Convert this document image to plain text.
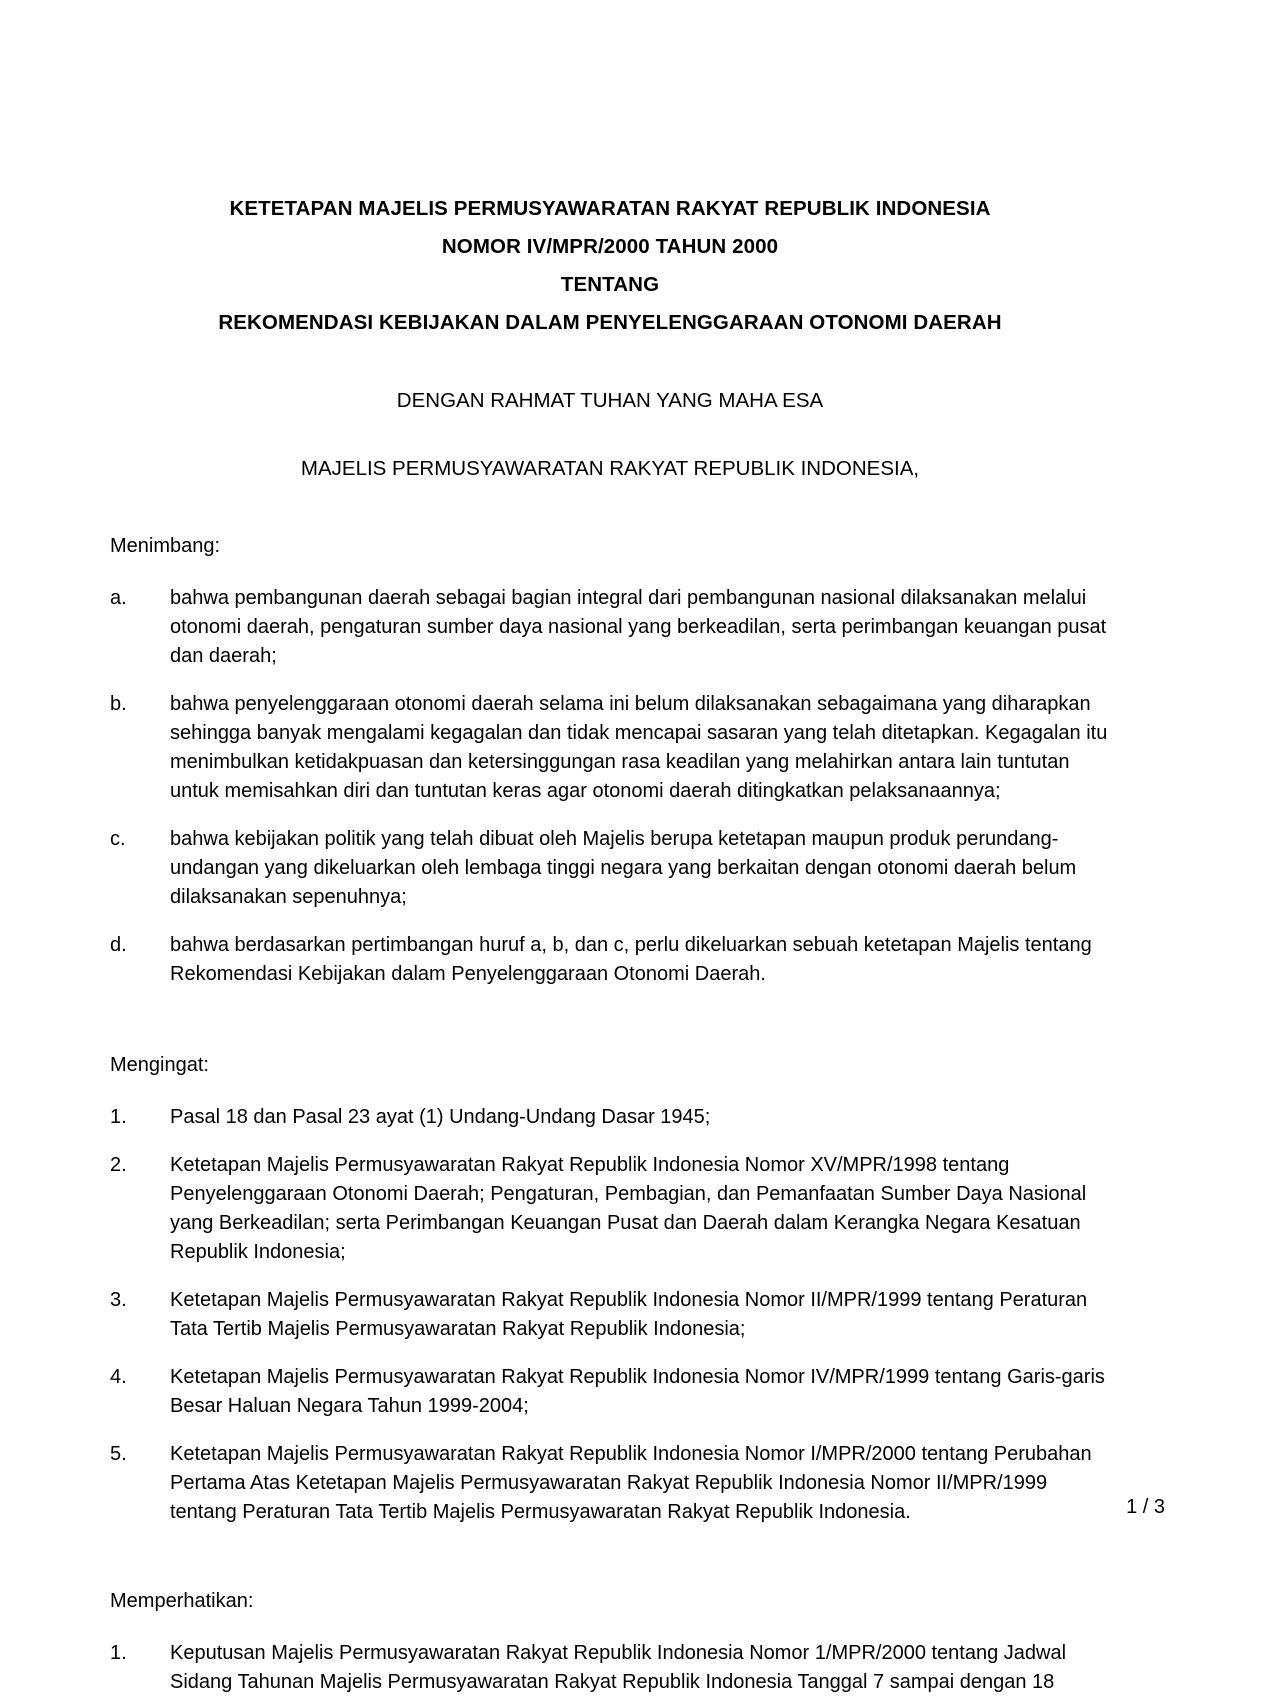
KETETAPAN MAJELIS PERMUSYAWARATAN RAKYAT REPUBLIK INDONESIA
NOMOR IV/MPR/2000 TAHUN 2000
TENTANG
REKOMENDASI KEBIJAKAN DALAM PENYELENGGARAAN OTONOMI DAERAH
DENGAN RAHMAT TUHAN YANG MAHA ESA
MAJELIS PERMUSYAWARATAN RAKYAT REPUBLIK INDONESIA,
Menimbang:
a.	bahwa pembangunan daerah sebagai bagian integral dari pembangunan nasional dilaksanakan melalui otonomi daerah, pengaturan sumber daya nasional yang berkeadilan, serta perimbangan keuangan pusat dan daerah;
b.	bahwa penyelenggaraan otonomi daerah selama ini belum dilaksanakan sebagaimana yang diharapkan sehingga banyak mengalami kegagalan dan tidak mencapai sasaran yang telah ditetapkan. Kegagalan itu menimbulkan ketidakpuasan dan ketersinggungan rasa keadilan yang melahirkan antara lain tuntutan untuk memisahkan diri dan tuntutan keras agar otonomi daerah ditingkatkan pelaksanaannya;
c.	bahwa kebijakan politik yang telah dibuat oleh Majelis berupa ketetapan maupun produk perundang-undangan yang dikeluarkan oleh lembaga tinggi negara yang berkaitan dengan otonomi daerah belum dilaksanakan sepenuhnya;
d.	bahwa berdasarkan pertimbangan huruf a, b, dan c, perlu dikeluarkan sebuah ketetapan Majelis tentang Rekomendasi Kebijakan dalam Penyelenggaraan Otonomi Daerah.
Mengingat:
1.	Pasal 18 dan Pasal 23 ayat (1) Undang-Undang Dasar 1945;
2.	Ketetapan Majelis Permusyawaratan Rakyat Republik Indonesia Nomor XV/MPR/1998 tentang Penyelenggaraan Otonomi Daerah; Pengaturan, Pembagian, dan Pemanfaatan Sumber Daya Nasional yang Berkeadilan; serta Perimbangan Keuangan Pusat dan Daerah dalam Kerangka Negara Kesatuan Republik Indonesia;
3.	Ketetapan Majelis Permusyawaratan Rakyat Republik Indonesia Nomor II/MPR/1999 tentang Peraturan Tata Tertib Majelis Permusyawaratan Rakyat Republik Indonesia;
4.	Ketetapan Majelis Permusyawaratan Rakyat Republik Indonesia Nomor IV/MPR/1999 tentang Garis-garis Besar Haluan Negara Tahun 1999-2004;
5.	Ketetapan Majelis Permusyawaratan Rakyat Republik Indonesia Nomor I/MPR/2000 tentang Perubahan Pertama Atas Ketetapan Majelis Permusyawaratan Rakyat Republik Indonesia Nomor II/MPR/1999 tentang Peraturan Tata Tertib Majelis Permusyawaratan Rakyat Republik Indonesia.
Memperhatikan:
1.	Keputusan Majelis Permusyawaratan Rakyat Republik Indonesia Nomor 1/MPR/2000 tentang Jadwal Sidang Tahunan Majelis Permusyawaratan Rakyat Republik Indonesia Tanggal 7 sampai dengan 18
1 / 3
